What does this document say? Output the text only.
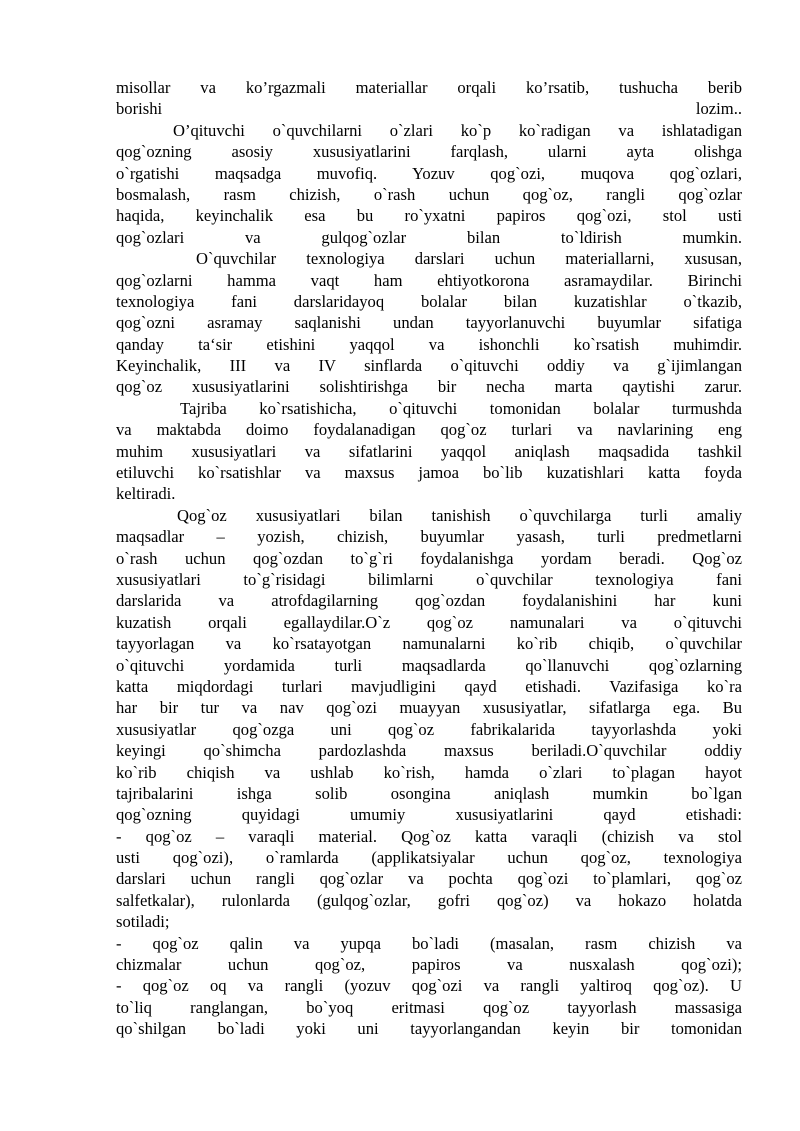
misollar va ko’rgazmali materiallar orqali ko’rsatib, tushucha berib
borishi lozim..
O’qituvchi o`quvchilarni o`zlari ko`p ko`radigan va ishlatadigan
qog`ozning asosiy xususiyatlarini farqlash, ularni ayta olishga
o`rgatishi maqsadga muvofiq. Yozuv qog`ozi, muqova qog`ozlari,
bosmalash, rasm chizish, o`rash uchun qog`oz, rangli qog`ozlar
haqida, keyinchalik esa bu ro`yxatni papiros qog`ozi, stol usti
qog`ozlari va gulqog`ozlar bilan to`ldirish mumkin.
O`quvchilar texnologiya darslari uchun materiallarni, xususan,
qog`ozlarni hamma vaqt ham ehtiyotkorona asramaydilar. Birinchi
texnologiya fani darslaridayoq bolalar bilan kuzatishlar o`tkazib,
qog`ozni asramay saqlanishi undan tayyorlanuvchi buyumlar sifatiga
qanday ta‘sir etishini yaqqol va ishonchli ko`rsatish muhimdir.
Keyinchalik, III va IV sinflarda o`qituvchi oddiy va g`ijimlangan
qog`oz xususiyatlarini solishtirishga bir necha marta qaytishi zarur.
Tajriba ko`rsatishicha, o`qituvchi tomonidan bolalar turmushda
va maktabda doimo foydalanadigan qog`oz turlari va navlarining eng
muhim xususiyatlari va sifatlarini yaqqol aniqlash maqsadida tashkil
etiluvchi ko`rsatishlar va maxsus jamoa bo`lib kuzatishlari katta foyda
keltiradi.
Qog`oz xususiyatlari bilan tanishish o`quvchilarga turli amaliy
maqsadlar – yozish, chizish, buyumlar yasash, turli predmetlarni
o`rash uchun qog`ozdan to`g`ri foydalanishga yordam beradi. Qog`oz
xususiyatlari to`g`risidagi bilimlarni o`quvchilar texnologiya fani
darslarida va atrofdagilarning qog`ozdan foydalanishini har kuni
kuzatish orqali egallaydilar.O`z qog`oz namunalari va o`qituvchi
tayyorlagan va ko`rsatayotgan namunalarni ko`rib chiqib, o`quvchilar
o`qituvchi yordamida turli maqsadlarda qo`llanuvchi qog`ozlarning
katta miqdordagi turlari mavjudligini qayd etishadi. Vazifasiga ko`ra
har bir tur va nav qog`ozi muayyan xususiyatlar, sifatlarga ega. Bu
xususiyatlar qog`ozga uni qog`oz fabrikalarida tayyorlashda yoki
keyingi qo`shimcha pardozlashda maxsus beriladi.O`quvchilar oddiy
ko`rib chiqish va ushlab ko`rish, hamda o`zlari to`plagan hayot
tajribalarini ishga solib osongina aniqlash mumkin bo`lgan
qog`ozning quyidagi umumiy xususiyatlarini qayd etishadi:
- qog`oz – varaqli material. Qog`oz katta varaqli (chizish va stol
usti qog`ozi), o`ramlarda (applikatsiyalar uchun qog`oz, texnologiya
darslari uchun rangli qog`ozlar va pochta qog`ozi to`plamlari, qog`oz
salfetkalar), rulonlarda (gulqog`ozlar, gofri qog`oz) va hokazo holatda
sotiladi;
- qog`oz qalin va yupqa bo`ladi (masalan, rasm chizish va
chizmalar uchun qog`oz, papiros va nusxalash qog`ozi);
- qog`oz oq va rangli (yozuv qog`ozi va rangli yaltiroq qog`oz). U
to`liq ranglangan, bo`yoq eritmasi qog`oz tayyorlash massasiga
qo`shilgan bo`ladi yoki uni tayyorlangandan keyin bir tomonidan
